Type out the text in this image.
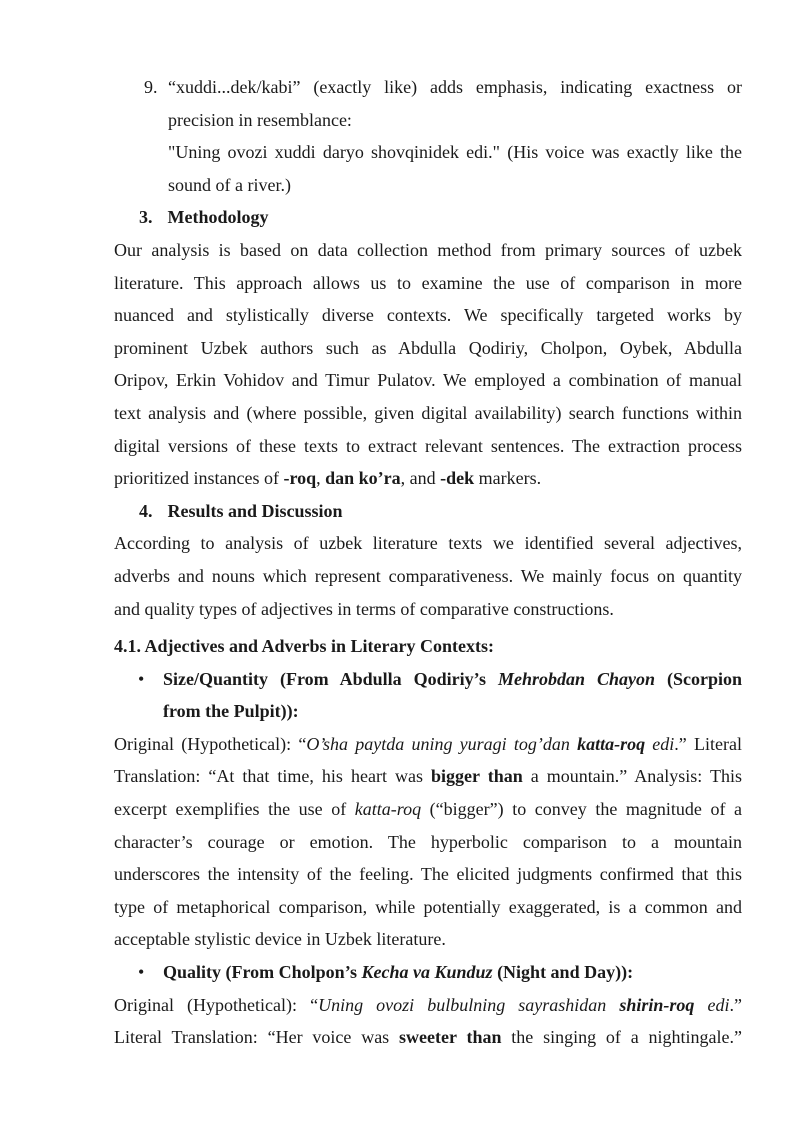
9. “xuddi...dek/kabi” (exactly like) adds emphasis, indicating exactness or

precision in resemblance:

"Uning ovozi xuddi daryo shovqinidek edi." (His voice was exactly like the

sound of a river.)

3. Methodology

Our analysis is based on data collection method from primary sources of uzbek

literature. This approach allows us to examine the use of comparison in more

nuanced and stylistically diverse contexts. We specifically targeted works by

prominent Uzbek authors such as Abdulla Qodiriy, Cholpon, Oybek, Abdulla

Oripov, Erkin Vohidov and Timur Pulatov. We employed a combination of manual

text analysis and (where possible, given digital availability) search functions within

digital versions of these texts to extract relevant sentences. The extraction process

prioritized instances of -roq, dan ko’ra, and -dek markers.

4. Results and Discussion

According to analysis of uzbek literature texts we identified several adjectives,

adverbs and nouns which represent comparativeness. We mainly focus on quantity

and quality types of adjectives in terms of comparative constructions.

4.1. Adjectives and Adverbs in Literary Contexts:

• Size/Quantity (From Abdulla Qodiriy’s Mehrobdan Chayon (Scorpion

from the Pulpit)):

Original (Hypothetical): “O’sha paytda uning yuragi tog’dan katta-roq edi.” Literal

Translation: “At that time, his heart was bigger than a mountain.” Analysis: This

excerpt exemplifies the use of katta-roq (“bigger”) to convey the magnitude of a

character’s courage or emotion. The hyperbolic comparison to a mountain

underscores the intensity of the feeling. The elicited judgments confirmed that this

type of metaphorical comparison, while potentially exaggerated, is a common and

acceptable stylistic device in Uzbek literature.

• Quality (From Cholpon’s Kecha va Kunduz (Night and Day)):

Original (Hypothetical): “Uning ovozi bulbulning sayrashidan shirin-roq edi.”

Literal Translation: “Her voice was sweeter than the singing of a nightingale.”
